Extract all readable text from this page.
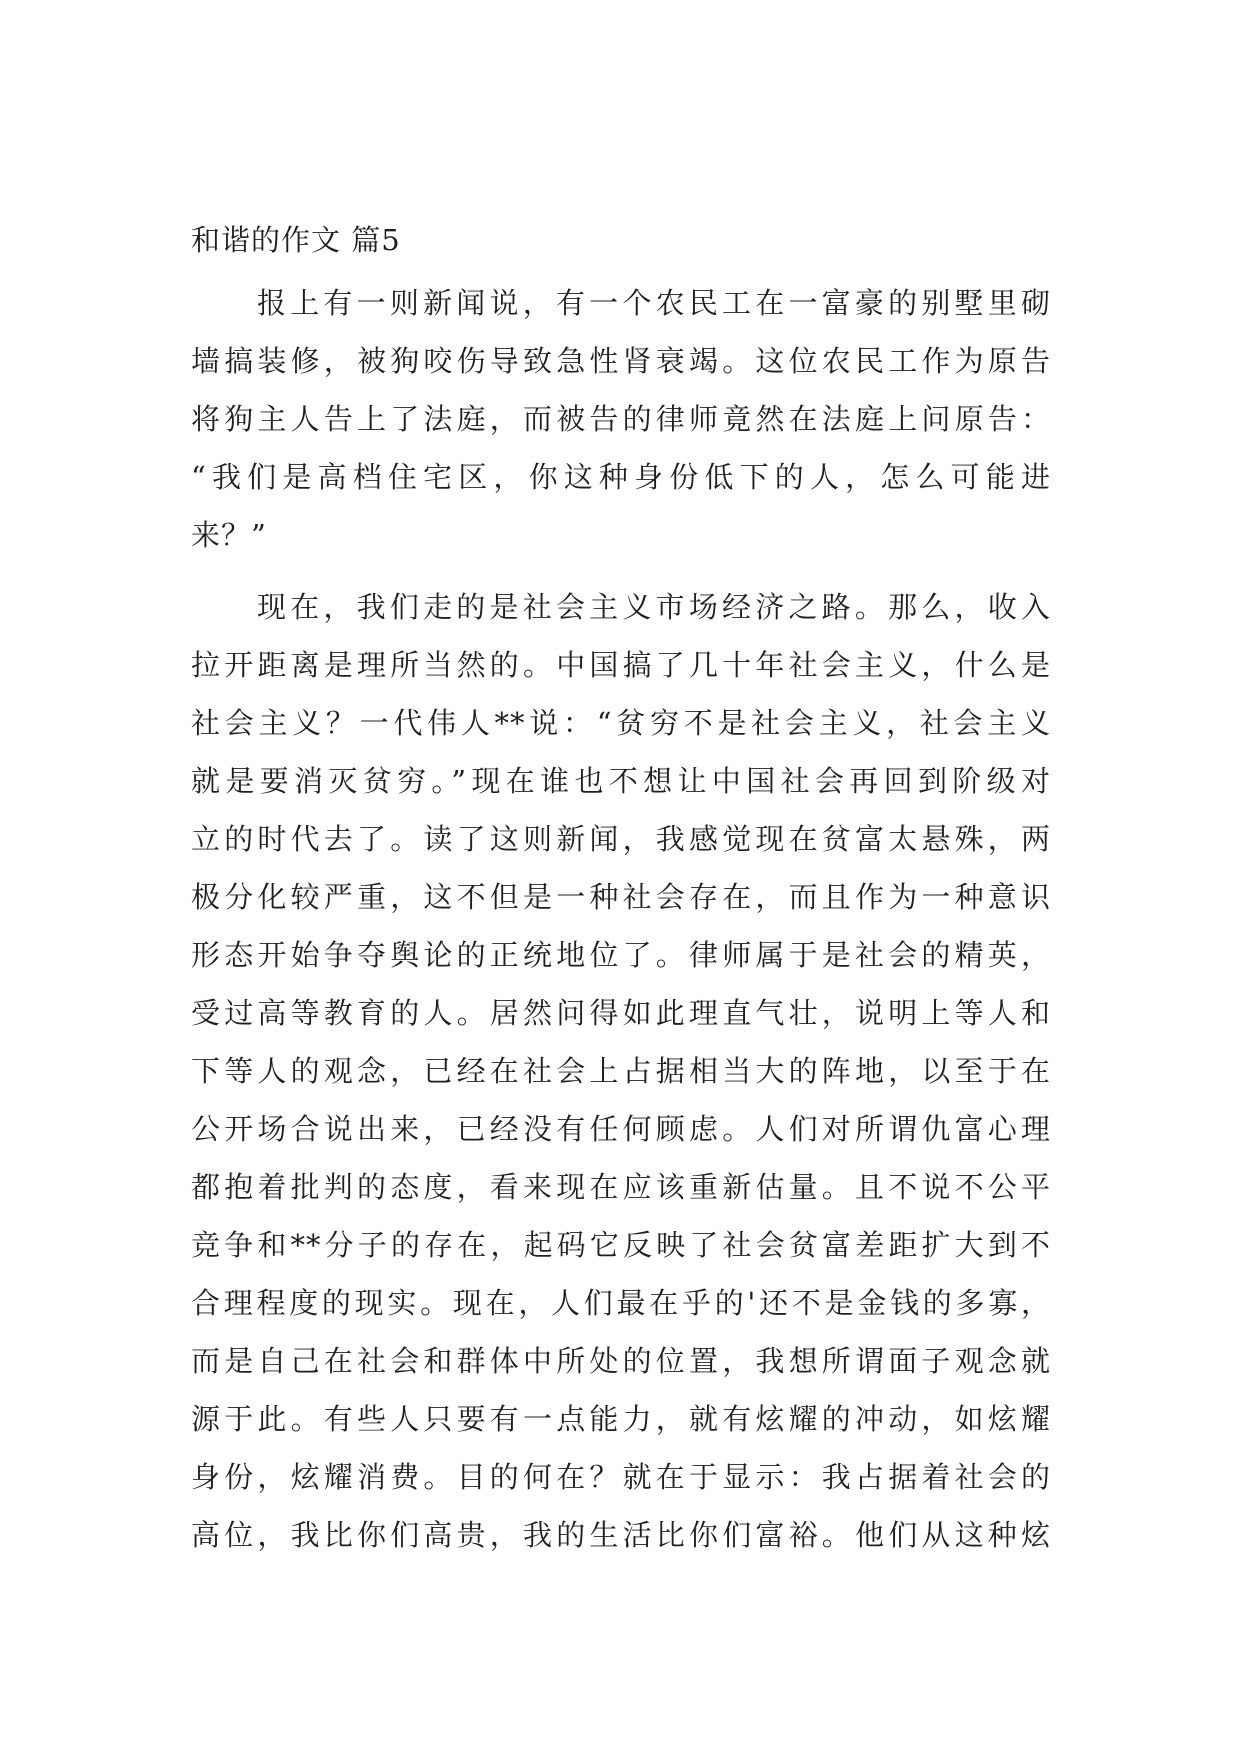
和谐的作文 篇5
报上有一则新闻说，有一个农民工在一富豪的别墅里砌
墙搞装修，被狗咬伤导致急性肾衰竭。这位农民工作为原告
将狗主人告上了法庭，而被告的律师竟然在法庭上问原告：
“我们是高档住宅区，你这种身份低下的人，怎么可能进
来？”
现在，我们走的是社会主义市场经济之路。那么，收入
拉开距离是理所当然的。中国搞了几十年社会主义，什么是
社会主义？一代伟人**说：“贫穷不是社会主义，社会主义
就是要消灭贫穷。”现在谁也不想让中国社会再回到阶级对
立的时代去了。读了这则新闻，我感觉现在贫富太悬殊，两
极分化较严重，这不但是一种社会存在，而且作为一种意识
形态开始争夺舆论的正统地位了。律师属于是社会的精英，
受过高等教育的人。居然问得如此理直气壮，说明上等人和
下等人的观念，已经在社会上占据相当大的阵地，以至于在
公开场合说出来，已经没有任何顾虑。人们对所谓仇富心理
都抱着批判的态度，看来现在应该重新估量。且不说不公平
竞争和**分子的存在，起码它反映了社会贫富差距扩大到不
合理程度的现实。现在，人们最在乎的'还不是金钱的多寡，
而是自己在社会和群体中所处的位置，我想所谓面子观念就
源于此。有些人只要有一点能力，就有炫耀的冲动，如炫耀
身份，炫耀消费。目的何在？就在于显示：我占据着社会的
高位，我比你们高贵，我的生活比你们富裕。他们从这种炫
